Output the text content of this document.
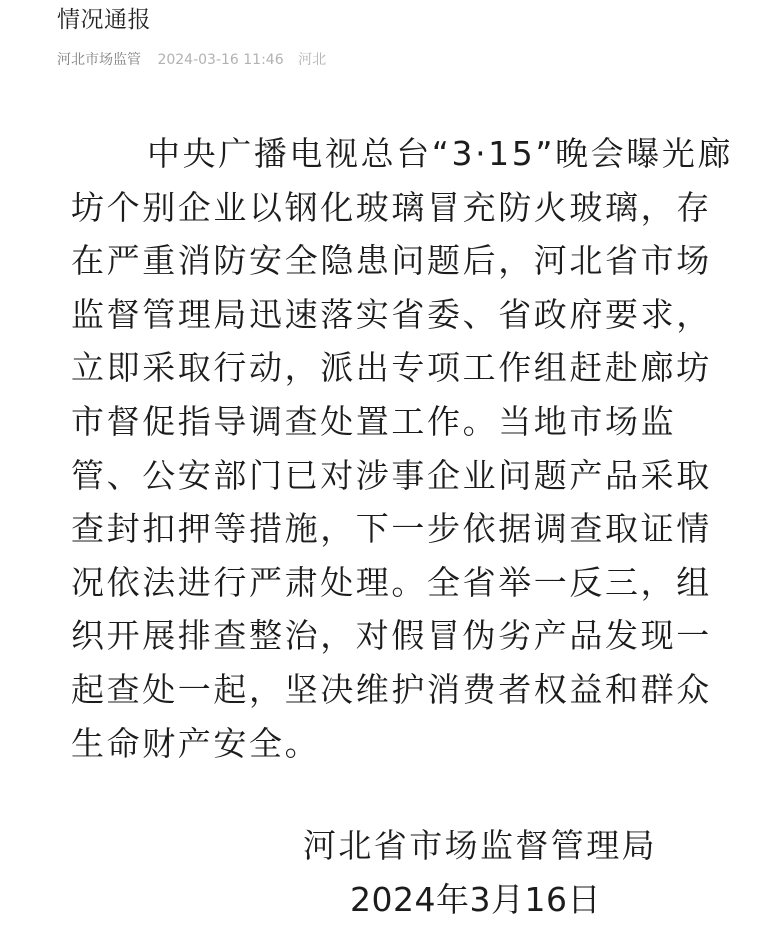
情况通报
河北市场监管 2024-03-16 11:46 河北
中央广播电视总台“3·15”晚会曝光廊
坊个别企业以钢化玻璃冒充防火玻璃，存
在严重消防安全隐患问题后，河北省市场
监督管理局迅速落实省委、省政府要求，
立即采取行动，派出专项工作组赶赴廊坊
市督促指导调查处置工作。当地市场监
管、公安部门已对涉事企业问题产品采取
查封扣押等措施，下一步依据调查取证情
况依法进行严肃处理。全省举一反三，组
织开展排查整治，对假冒伪劣产品发现一
起查处一起，坚决维护消费者权益和群众
生命财产安全。
河北省市场监督管理局
2024年3月16日
